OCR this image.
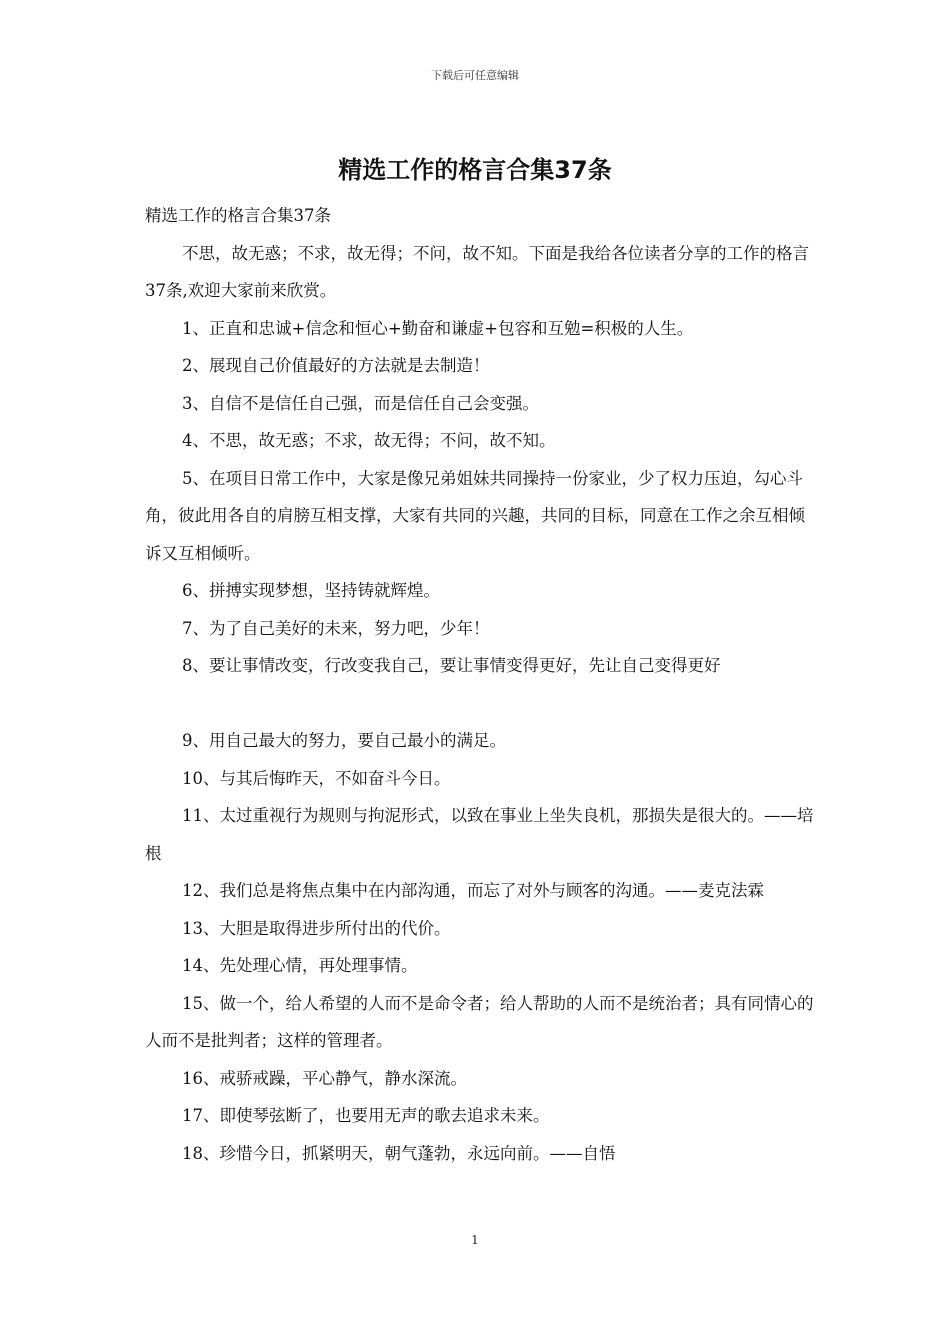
下载后可任意编辑
精选工作的格言合集37条

精选工作的格言合集37条

不思，故无惑；不求，故无得；不问，故不知。下面是我给各位读者分享的工作的格言37条,欢迎大家前来欣赏。

1、正直和忠诚+信念和恒心+勤奋和谦虚+包容和互勉=积极的人生。

2、展现自己价值最好的方法就是去制造！

3、自信不是信任自己强，而是信任自己会变强。

4、不思，故无惑；不求，故无得；不问，故不知。

5、在项目日常工作中，大家是像兄弟姐妹共同操持一份家业，少了权力压迫，勾心斗角，彼此用各自的肩膀互相支撑，大家有共同的兴趣，共同的目标，同意在工作之余互相倾诉又互相倾听。

6、拼搏实现梦想，坚持铸就辉煌。

7、为了自己美好的未来，努力吧，少年！

8、要让事情改变，行改变我自己，要让事情变得更好，先让自己变得更好

9、用自己最大的努力，要自己最小的满足。

10、与其后悔昨天，不如奋斗今日。

11、太过重视行为规则与拘泥形式，以致在事业上坐失良机，那损失是很大的。——培根

12、我们总是将焦点集中在内部沟通，而忘了对外与顾客的沟通。——麦克法霖

13、大胆是取得进步所付出的代价。

14、先处理心情，再处理事情。

15、做一个，给人希望的人而不是命令者；给人帮助的人而不是统治者；具有同情心的人而不是批判者；这样的管理者。

16、戒骄戒躁，平心静气，静水深流。

17、即使琴弦断了，也要用无声的歌去追求未来。

18、珍惜今日，抓紧明天，朝气蓬勃，永远向前。——自悟

1
